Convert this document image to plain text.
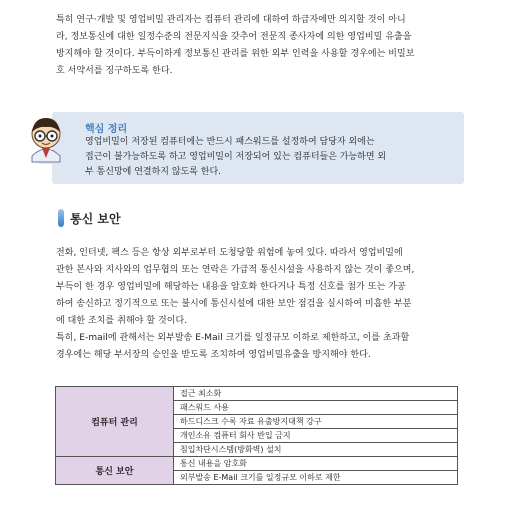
특히 연구·개발 및 영업비밀 관리자는 컴퓨터 관리에 대하여 하급자에만 의지할 것이 아니
라, 정보통신에 대한 일정수준의 전문지식을 갖추어 전문직 종사자에 의한 영업비밀 유출을
방지해야 할 것이다. 부득이하게 정보통신 관리를 위한 외부 인력을 사용할 경우에는 비밀보
호 서약서를 징구하도록 한다.
핵심 정리
영업비밀이 저장된 컴퓨터에는 반드시 패스워드를 설정하여 담당자 외에는
접근이 불가능하도록 하고 영업비밀이 저장되어 있는 컴퓨터들은 가능하면 외
부 통신망에 연결하지 않도록 한다.
통신 보안
전화, 인터넷, 팩스 등은 항상 외부로부터 도청당할 위험에 놓여 있다. 따라서 영업비밀에
관한 본사와 지사와의 업무협의 또는 연락은 가급적 통신시설을 사용하지 않는 것이 좋으며,
부득이 한 경우 영업비밀에 해당하는 내용을 암호화 한다거나 특정 신호를 첨가 또는 가공
하여 송신하고 정기적으로 또는 불시에 통신시설에 대한 보안 점검을 실시하여 미흡한 부분
에 대한 조치를 취해야 할 것이다.
특히, E-mail에 관해서는 외부발송 E-Mail 크기를 일정규모 이하로 제한하고, 이를 초과할
경우에는 해당 부서장의 승인을 받도록 조치하여 영업비밀유출을 방지해야 한다.
컴퓨터 관리	접근 최소화
	패스워드 사용
	하드디스크 수록 자료 유출방지대책 강구
	개인소유 컴퓨터 회사 반입 금지
	침입차단시스템(방화벽) 설치
통신 보안	통신 내용을 암호화
	외부발송 E-Mail 크기를 일정규모 이하로 제한
